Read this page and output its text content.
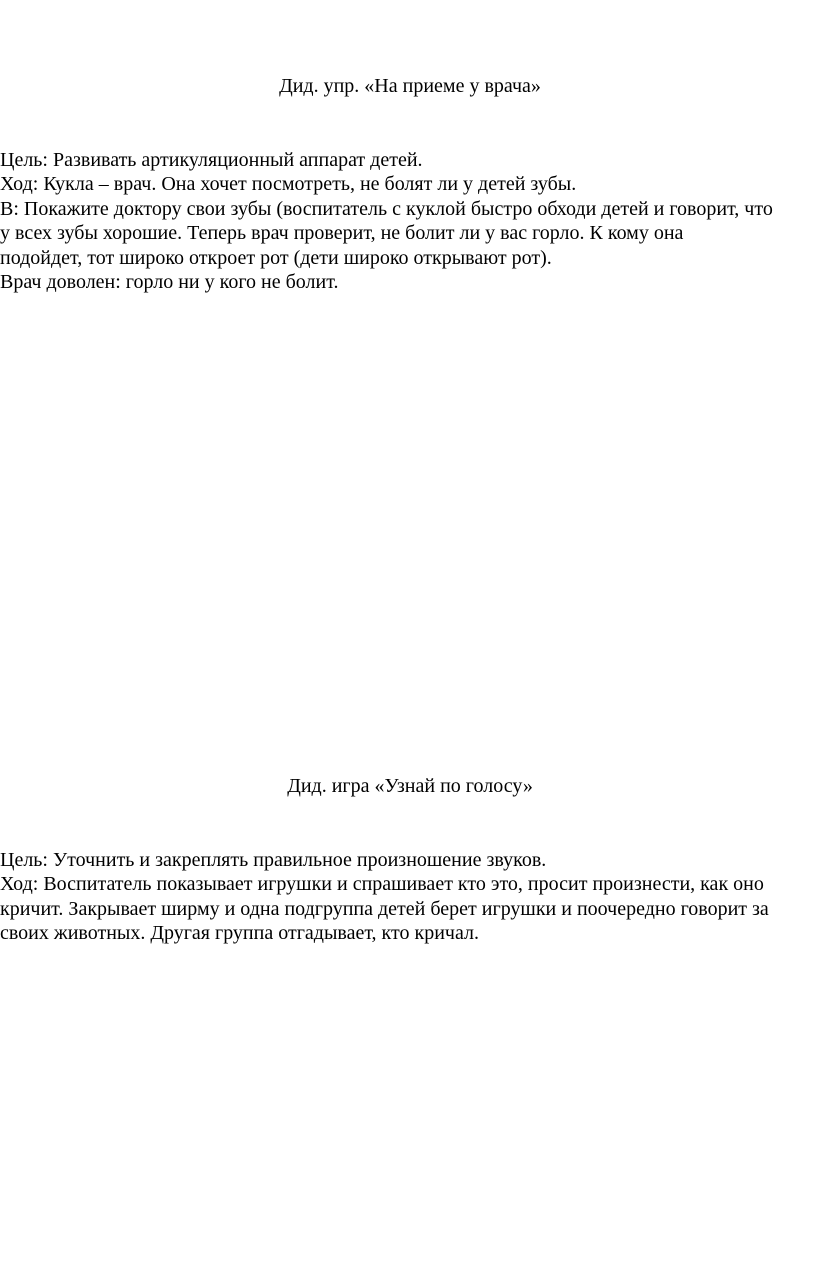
Дид. упр. «На приеме у врача»
Цель: Развивать артикуляционный аппарат детей.
Ход: Кукла – врач. Она хочет посмотреть, не болят ли у детей зубы.
В: Покажите доктору свои зубы (воспитатель с куклой быстро обходи детей и говорит, что
у всех зубы хорошие. Теперь врач проверит, не болит ли у вас горло. К кому она
подойдет, тот широко откроет рот (дети широко открывают рот).
Врач доволен: горло ни у кого не болит.
Дид. игра «Узнай по голосу»
Цель: Уточнить и закреплять правильное произношение звуков.
Ход: Воспитатель показывает игрушки и спрашивает кто это, просит произнести, как оно
кричит. Закрывает ширму и одна подгруппа детей берет игрушки и поочередно говорит за
своих животных. Другая группа отгадывает, кто кричал.
